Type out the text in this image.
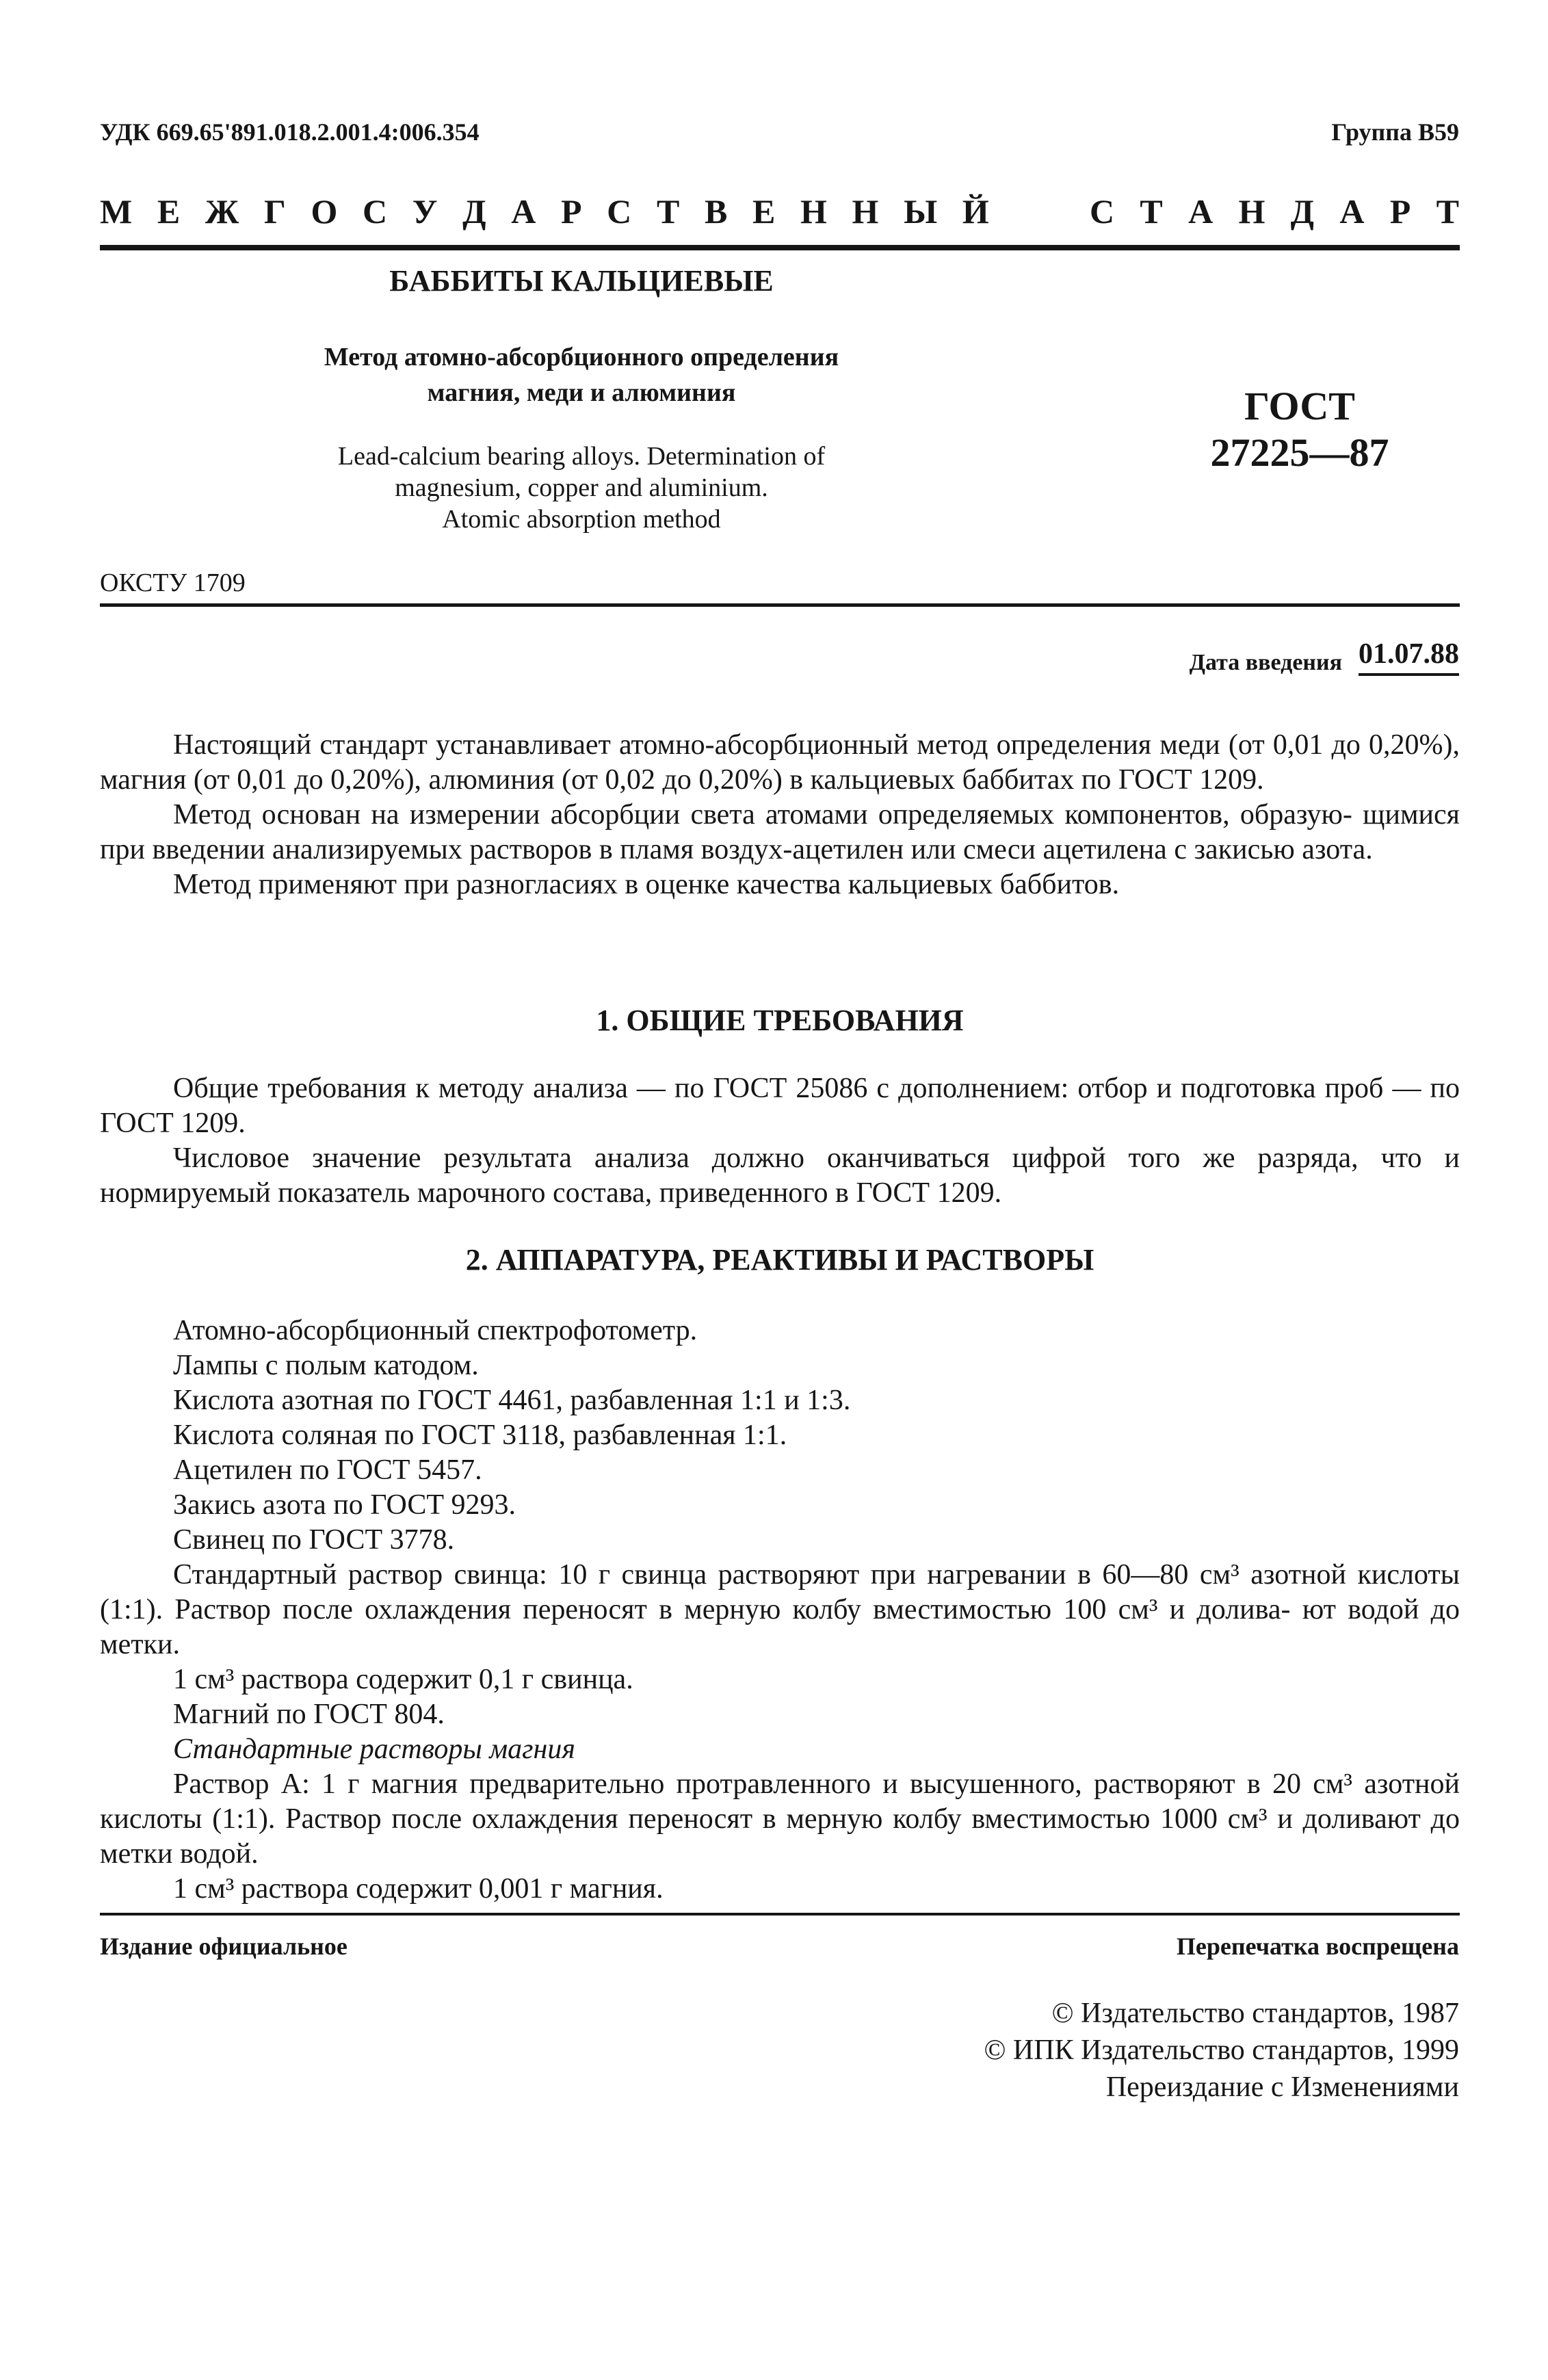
УДК 669.65'891.018.2.001.4:006.354	Группа В59
М Е Ж Г О С У Д А Р С Т В Е Н Н Ы Й	С Т А Н Д А Р Т
БАББИТЫ КАЛЬЦИЕВЫЕ
Метод атомно-абсорбционного определения
магния, меди и алюминия
Lead-calcium bearing alloys. Determination of
magnesium, copper and aluminium.
Atomic absorption method
ГОСТ
27225—87
ОКСТУ 1709
Дата введения 01.07.88

Настоящий стандарт устанавливает атомно-абсорбционный метод определения меди (от 0,01 до 0,20%), магния (от 0,01 до 0,20%), алюминия (от 0,02 до 0,20%) в кальциевых баббитах по ГОСТ 1209.

Метод основан на измерении абсорбции света атомами определяемых компонентов, образую- щимися при введении анализируемых растворов в пламя воздух-ацетилен или смеси ацетилена с закисью азота.

Метод применяют при разногласиях в оценке качества кальциевых баббитов.

1. ОБЩИЕ ТРЕБОВАНИЯ

Общие требования к методу анализа — по ГОСТ 25086 с дополнением: отбор и подготовка проб — по ГОСТ 1209.

Числовое значение результата анализа должно оканчиваться цифрой того же разряда, что и нормируемый показатель марочного состава, приведенного в ГОСТ 1209.

2. АППАРАТУРА, РЕАКТИВЫ И РАСТВОРЫ

Атомно-абсорбционный спектрофотометр.

Лампы с полым катодом.

Кислота азотная по ГОСТ 4461, разбавленная 1:1 и 1:3.

Кислота соляная по ГОСТ 3118, разбавленная 1:1.

Ацетилен по ГОСТ 5457.

Закись азота по ГОСТ 9293.

Свинец по ГОСТ 3778.

Стандартный раствор свинца: 10 г свинца растворяют при нагревании в 60—80 см³ азотной кислоты (1:1). Раствор после охлаждения переносят в мерную колбу вместимостью 100 см³ и долива- ют водой до метки.

1 см³ раствора содержит 0,1 г свинца.

Магний по ГОСТ 804.

Стандартные растворы магния

Раствор А: 1 г магния предварительно протравленного и высушенного, растворяют в 20 см³ азотной кислоты (1:1). Раствор после охлаждения переносят в мерную колбу вместимостью 1000 см³ и доливают до метки водой.

1 см³ раствора содержит 0,001 г магния.

Издание официальное	Перепечатка воспрещена
© Издательство стандартов, 1987
© ИПК Издательство стандартов, 1999
Переиздание с Изменениями
